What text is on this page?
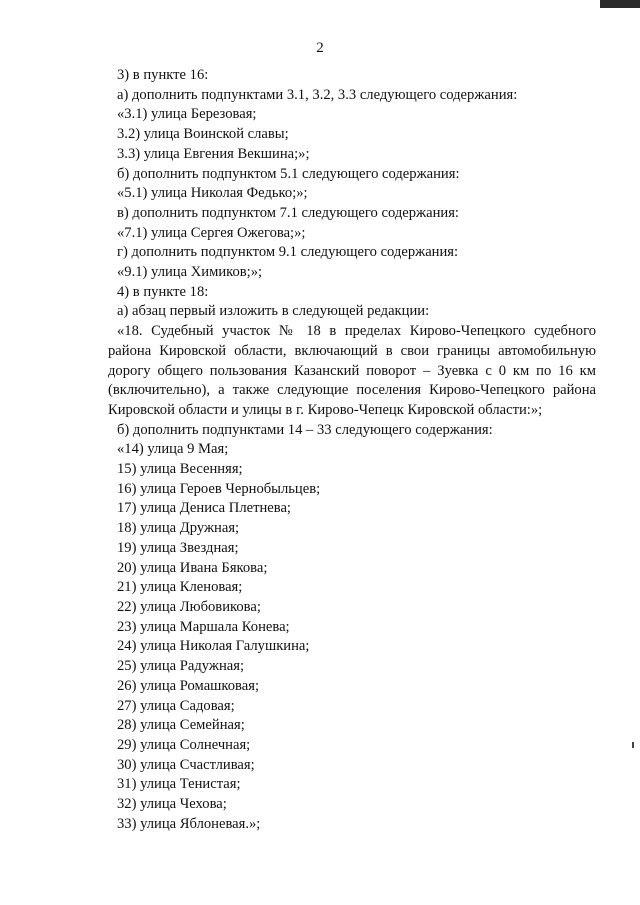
2
3) в пункте 16:
а) дополнить подпунктами 3.1, 3.2, 3.3 следующего содержания:
«3.1) улица Березовая;
3.2) улица Воинской славы;
3.3) улица Евгения Векшина;»;
б) дополнить подпунктом 5.1 следующего содержания:
«5.1) улица Николая Федько;»;
в) дополнить подпунктом 7.1 следующего содержания:
«7.1) улица Сергея Ожегова;»;
г) дополнить подпунктом 9.1 следующего содержания:
«9.1) улица Химиков;»;
4) в пункте 18:
а) абзац первый изложить в следующей редакции:
«18. Судебный участок № 18 в пределах Кирово-Чепецкого судебного района Кировской области, включающий в свои границы автомобильную дорогу общего пользования Казанский поворот – Зуевка с 0 км по 16 км (включительно), а также следующие поселения Кирово-Чепецкого района Кировской области и улицы в г. Кирово-Чепецк Кировской области:»;
б) дополнить подпунктами 14 – 33 следующего содержания:
«14) улица 9 Мая;
15) улица Весенняя;
16) улица Героев Чернобыльцев;
17) улица Дениса Плетнева;
18) улица Дружная;
19) улица Звездная;
20) улица Ивана Бякова;
21) улица Кленовая;
22) улица Любовикова;
23) улица Маршала Конева;
24) улица Николая Галушкина;
25) улица Радужная;
26) улица Ромашковая;
27) улица Садовая;
28) улица Семейная;
29) улица Солнечная;
30) улица Счастливая;
31) улица Тенистая;
32) улица Чехова;
33) улица Яблоневая.»;
